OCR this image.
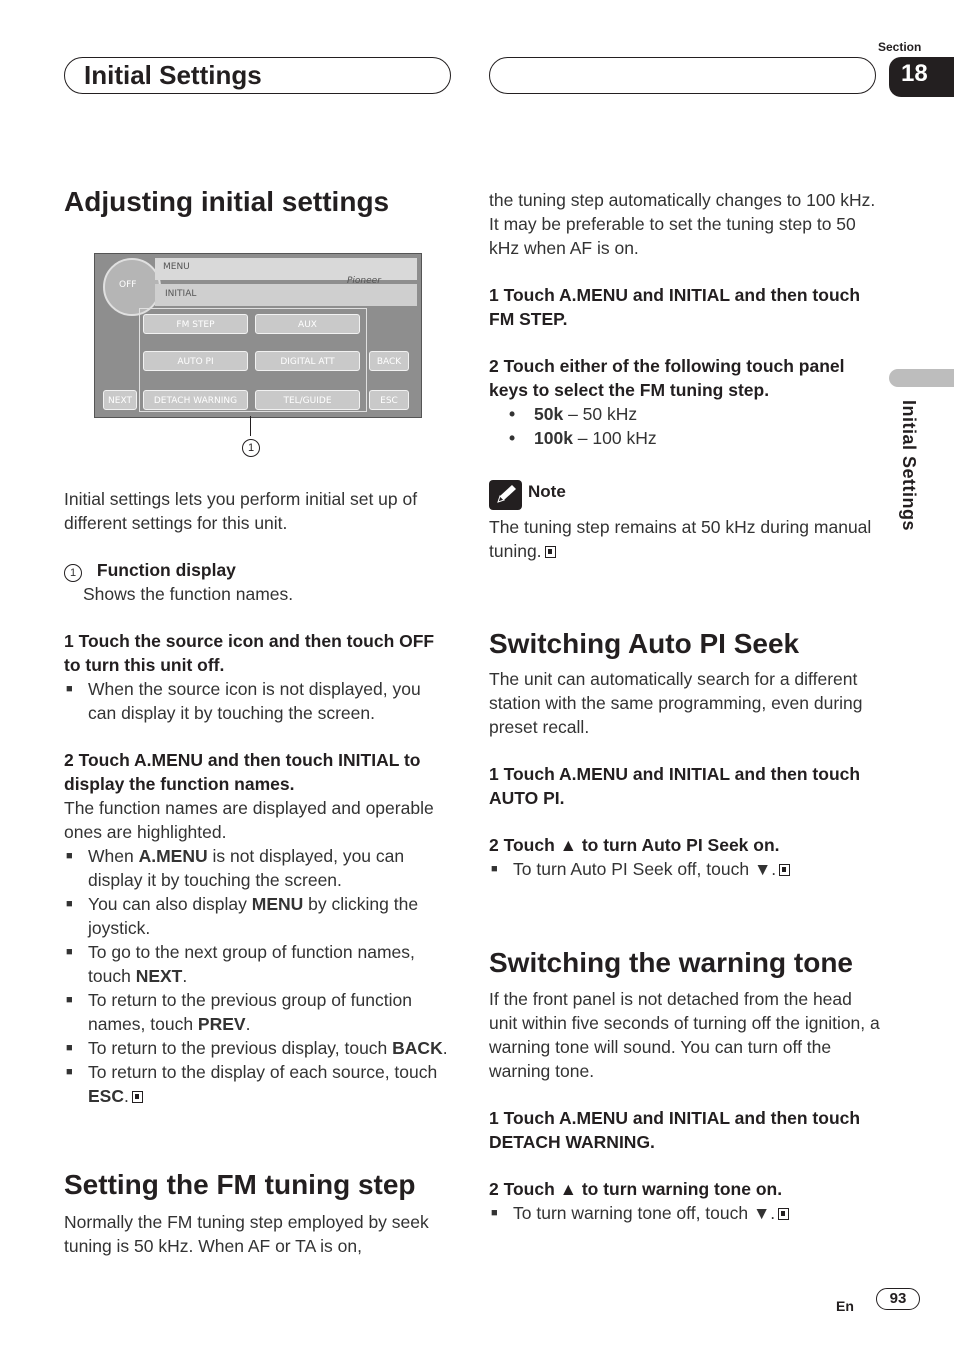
Initial Settings
Section
18
Initial Settings
Adjusting initial settings
OFF
MENU
INITIAL
Pioneer
FM STEP	AUX
AUTO PI	DIGITAL ATT	BACK
NEXT	DETACH WARNING	TEL/GUIDE	ESC
1

Initial settings lets you perform initial set up of different settings for this unit.

1 Function display

Shows the function names.

1 Touch the source icon and then touch OFF to turn this unit off.

■ When the source icon is not displayed, you can display it by touching the screen.

2 Touch A.MENU and then touch INITIAL to display the function names.

The function names are displayed and operable ones are highlighted.

■ When A.MENU is not displayed, you can display it by touching the screen.

■ You can also display MENU by clicking the joystick.

■ To go to the next group of function names, touch NEXT.

■ To return to the previous group of function names, touch PREV.

■ To return to the previous display, touch BACK.

■ To return to the display of each source, touch ESC.

Setting the FM tuning step
Normally the FM tuning step employed by seek tuning is 50 kHz. When AF or TA is on,

the tuning step automatically changes to 100 kHz. It may be preferable to set the tuning step to 50 kHz when AF is on.

1 Touch A.MENU and INITIAL and then touch FM STEP.

2 Touch either of the following touch panel keys to select the FM tuning step.

• 50k – 50 kHz

• 100k – 100 kHz

Note
The tuning step remains at 50 kHz during manual tuning.
Switching Auto PI Seek

The unit can automatically search for a different station with the same programming, even during preset recall.

1 Touch A.MENU and INITIAL and then touch AUTO PI.

2 Touch ▲ to turn Auto PI Seek on.

■ To turn Auto PI Seek off, touch ▼.

Switching the warning tone

If the front panel is not detached from the head unit within five seconds of turning off the ignition, a warning tone will sound. You can turn off the warning tone.

1 Touch A.MENU and INITIAL and then touch DETACH WARNING.

2 Touch ▲ to turn warning tone on.

■ To turn warning tone off, touch ▼.

En	93
